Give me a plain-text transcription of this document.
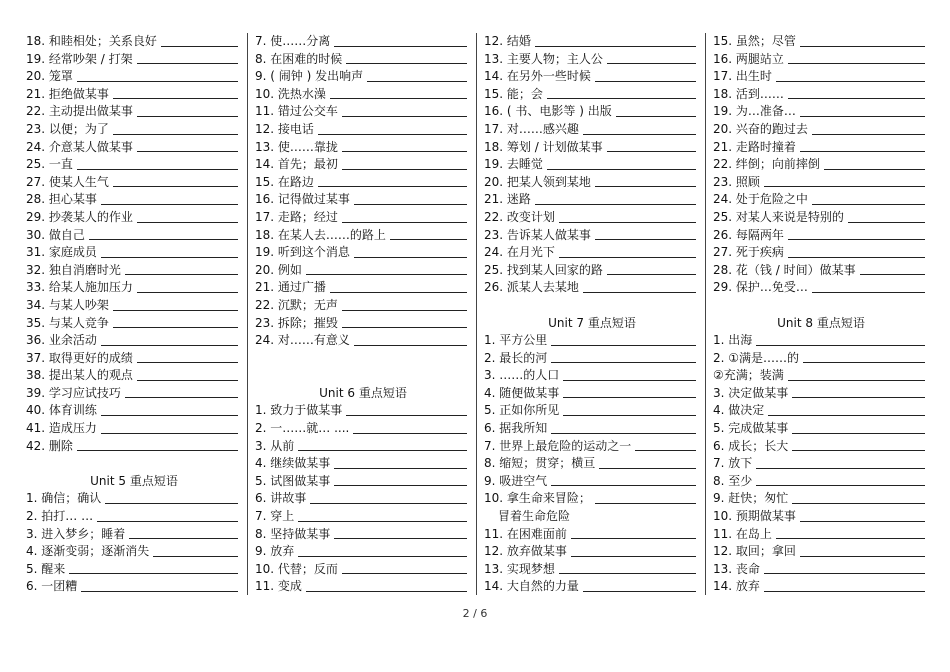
18. 和睦相处；关系良好
19. 经常吵架 / 打架
20. 笼罩
21. 拒绝做某事
22. 主动提出做某事
23. 以便；为了
24. 介意某人做某事
25. 一直
27. 使某人生气
28. 担心某事
29. 抄袭某人的作业
30. 做自己
31. 家庭成员
32. 独自消磨时光
33. 给某人施加压力
34. 与某人吵架
35. 与某人竞争
36. 业余活动
37. 取得更好的成绩
38. 提出某人的观点
39. 学习应试技巧
40. 体育训练
41. 造成压力
42. 删除
Unit 5 重点短语
1. 确信；确认
2. 拍打… …
3. 进入梦乡；睡着
4. 逐渐变弱；逐渐消失
5. 醒来
6. 一团糟
7. 使……分离
8. 在困难的时候
9. ( 闹钟 ) 发出响声
10. 洗热水澡
11. 错过公交车
12. 接电话
13. 使……靠拢
14. 首先；最初
15. 在路边
16. 记得做过某事
17. 走路；经过
18. 在某人去……的路上
19. 听到这个消息
20. 例如
21. 通过广播
22. 沉默；无声
23. 拆除；摧毁
24. 对……有意义
Unit 6 重点短语
1. 致力于做某事
2. 一……就… ....
3. 从前
4. 继续做某事
5. 试图做某事
6. 讲故事
7. 穿上
8. 坚持做某事
9. 放弃
10. 代替；反而
11. 变成
12. 结婚
13. 主要人物；主人公
14. 在另外一些时候
15. 能；会
16. ( 书、电影等 ) 出版
17. 对……感兴趣
18. 筹划 / 计划做某事
19. 去睡觉
20. 把某人领到某地
21. 迷路
22. 改变计划
23. 告诉某人做某事
24. 在月光下
25. 找到某人回家的路
26. 派某人去某地
Unit 7 重点短语
1. 平方公里
2. 最长的河
3. ……的人口
4. 随便做某事
5. 正如你所见
6. 据我所知
7. 世界上最危险的运动之一
8. 缩短；贯穿；横亘
9. 吸进空气
10. 拿生命来冒险；
冒着生命危险
11. 在困难面前
12. 放弃做某事
13. 实现梦想
14. 大自然的力量
15. 虽然；尽管
16. 两腿站立
17. 出生时
18. 活到……
19. 为…准备…
20. 兴奋的跑过去
21. 走路时撞着
22. 绊倒；向前摔倒
23. 照顾
24. 处于危险之中
25. 对某人来说是特别的
26. 每隔两年
27. 死于疾病
28. 花（钱 / 时间）做某事
29. 保护…免受…
Unit 8 重点短语
1. 出海
2. ①满是……的
②充满；装满
3. 决定做某事
4. 做决定
5. 完成做某事
6. 成长；长大
7. 放下
8. 至少
9. 赶快；匆忙
10. 预期做某事
11. 在岛上
12. 取回；拿回
13. 丧命
14. 放弃
2 / 6
